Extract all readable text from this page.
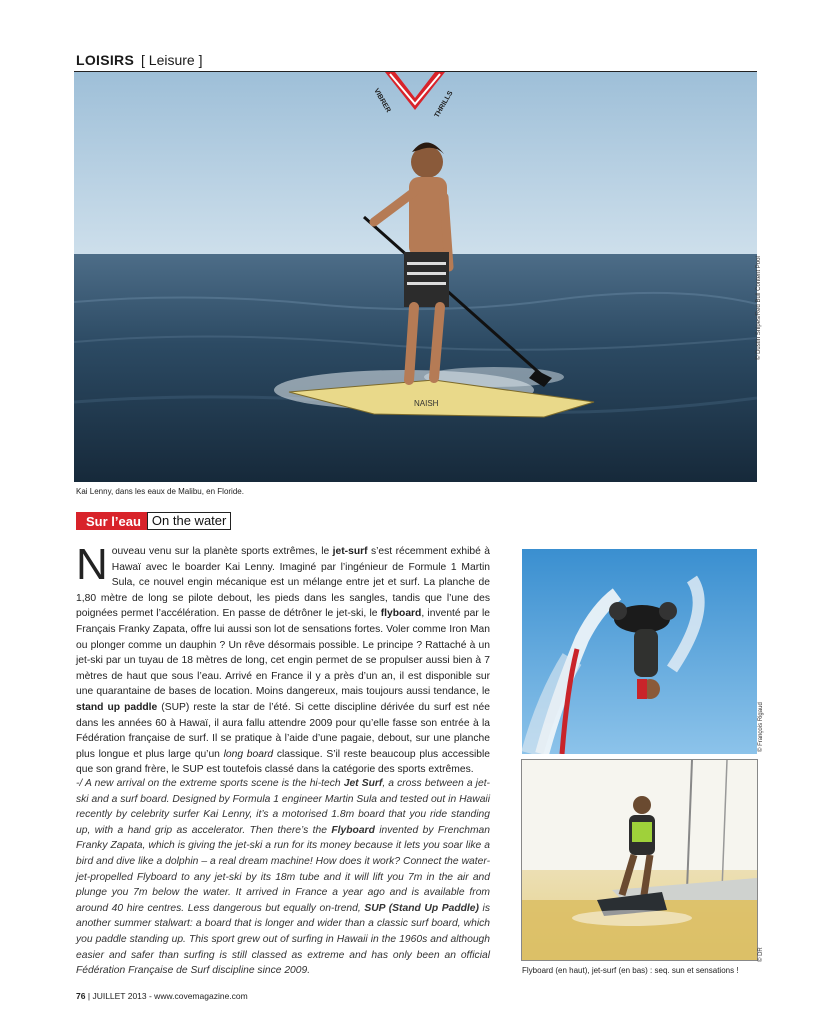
LOISIRS [ Leisure ]
NAISH
VIBRER	THRILLS
© Dustin Snipes/Red Bull Content Pool
Kai Lenny, dans les eaux de Malibu, en Floride.
Sur l’eau On the water
Nouveau venu sur la planète sports extrêmes, le jet-surf s’est récemment exhibé à Hawaï avec le boarder Kai Lenny. Imaginé par l’ingénieur de Formule 1 Martin Sula, ce nouvel engin mécanique est un mélange entre jet et surf. La planche de 1,80 mètre de long se pilote debout, les pieds dans les sangles, tandis que l’une des poignées permet l’accélération. En passe de détrôner le jet-ski, le flyboard, inventé par le Français Franky Zapata, offre lui aussi son lot de sensations fortes. Voler comme Iron Man ou plonger comme un dauphin ? Un rêve désormais possible. Le principe ? Rattaché à un jet-ski par un tuyau de 18 mètres de long, cet engin permet de se propulser aussi bien à 7 mètres de haut que sous l’eau. Arrivé en France il y a près d’un an, il est disponible sur une quarantaine de bases de location. Moins dangereux, mais toujours aussi tendance, le stand up paddle (SUP) reste la star de l’été. Si cette discipline dérivée du surf est née dans les années 60 à Hawaï, il aura fallu attendre 2009 pour qu’elle fasse son entrée à la Fédération française de surf. Il se pratique à l’aide d’une pagaie, debout, sur une planche plus longue et plus large qu’un long board classique. S’il reste beaucoup plus accessible que son grand frère, le SUP est toutefois classé dans la catégorie des sports extrêmes.
-/ A new arrival on the extreme sports scene is the hi-tech Jet Surf, a cross between a jet-ski and a surf board. Designed by Formula 1 engineer Martin Sula and tested out in Hawaii recently by celebrity surfer Kai Lenny, it’s a motorised 1.8m board that you ride standing up, with a hand grip as accelerator. Then there’s the Flyboard invented by Frenchman Franky Zapata, which is giving the jet-ski a run for its money because it lets you soar like a bird and dive like a dolphin – a real dream machine! How does it work? Connect the water-jet-propelled Flyboard to any jet-ski by its 18m tube and it will lift you 7m in the air and plunge you 7m below the water. It arrived in France a year ago and is available from around 40 hire centres. Less dangerous but equally on-trend, SUP (Stand Up Paddle) is another summer stalwart: a board that is longer and wider than a classic surf board, which you paddle standing up. This sport grew out of surfing in Hawaii in the 1960s and although easier and safer than surfing is still classed as extreme and has only been an official Fédération Française de Surf discipline since 2009.
© François Rigaud
© DR
Flyboard (en haut), jet-surf (en bas) : seq. sun et sensations !
76 | JUILLET 2013 - www.covemagazine.com
